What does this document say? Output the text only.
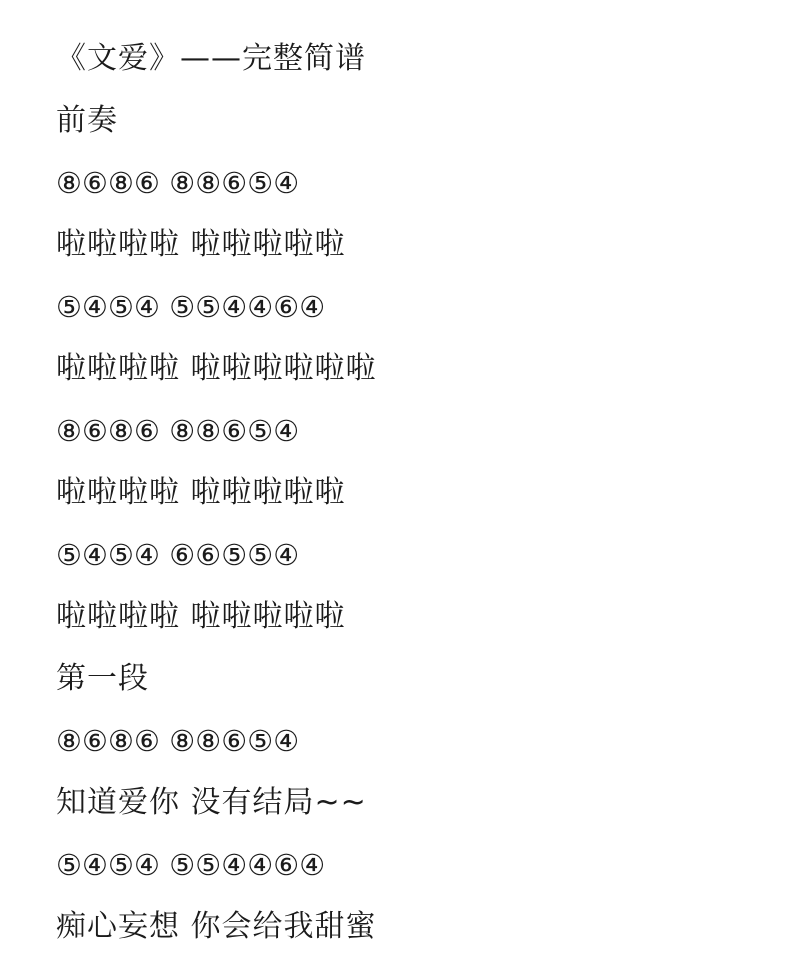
《文爱》——完整简谱
前奏
⑧⑥⑧⑥ ⑧⑧⑥⑤④
啦啦啦啦 啦啦啦啦啦
⑤④⑤④ ⑤⑤④④⑥④
啦啦啦啦 啦啦啦啦啦啦
⑧⑥⑧⑥ ⑧⑧⑥⑤④
啦啦啦啦 啦啦啦啦啦
⑤④⑤④ ⑥⑥⑤⑤④
啦啦啦啦 啦啦啦啦啦
第一段
⑧⑥⑧⑥ ⑧⑧⑥⑤④
知道爱你 没有结局~~
⑤④⑤④ ⑤⑤④④⑥④
痴心妄想 你会给我甜蜜
